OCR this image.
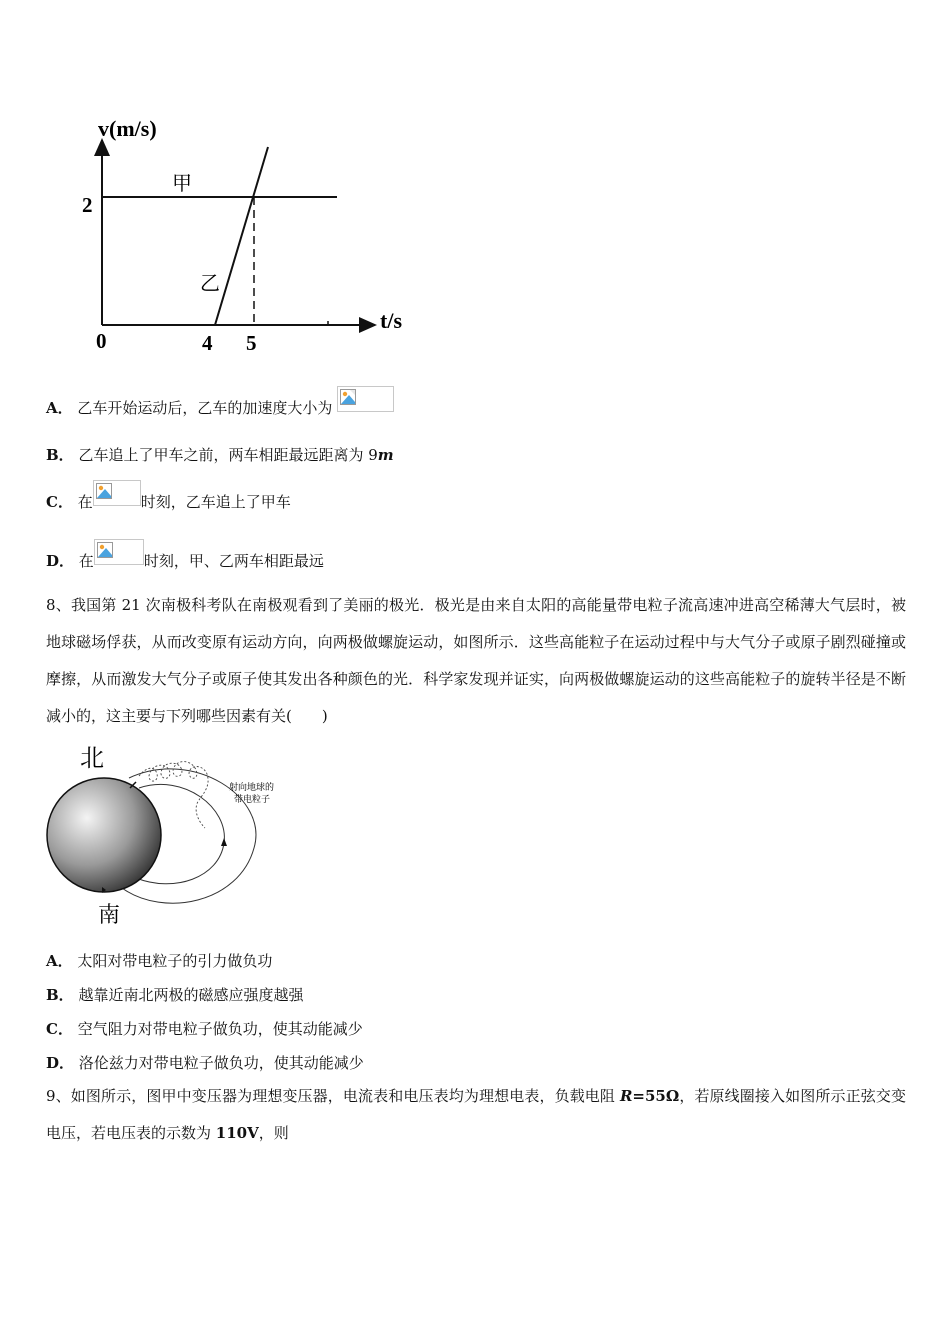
v(m/s)
t/s
0
2
4 5
甲
乙
A． 乙车开始运动后，乙车的加速度大小为
B． 乙车追上了甲车之前，两车相距最远距离为 9m
C． 在	时刻，乙车追上了甲车
D． 在	时刻，甲、乙两车相距最远
8、我国第 21 次南极科考队在南极观看到了美丽的极光．极光是由来自太阳的高能量带电粒子流高速冲进高空稀薄大气层时，被地球磁场俘获，从而改变原有运动方向，向两极做螺旋运动，如图所示．这些高能粒子在运动过程中与大气分子或原子剧烈碰撞或摩擦，从而激发大气分子或原子使其发出各种颜色的光．科学家发现并证实，向两极做螺旋运动的这些高能粒子的旋转半径是不断减小的，这主要与下列哪些因素有关(　　)
北
南
射向地球的
带电粒子
A． 太阳对带电粒子的引力做负功
B． 越靠近南北两极的磁感应强度越强
C． 空气阻力对带电粒子做负功，使其动能减少
D． 洛伦兹力对带电粒子做负功，使其动能减少
9、如图所示，图甲中变压器为理想变压器，电流表和电压表均为理想电表，负载电阻 R=55Ω，若原线圈接入如图所示正弦交变电压，若电压表的示数为 110V，则
